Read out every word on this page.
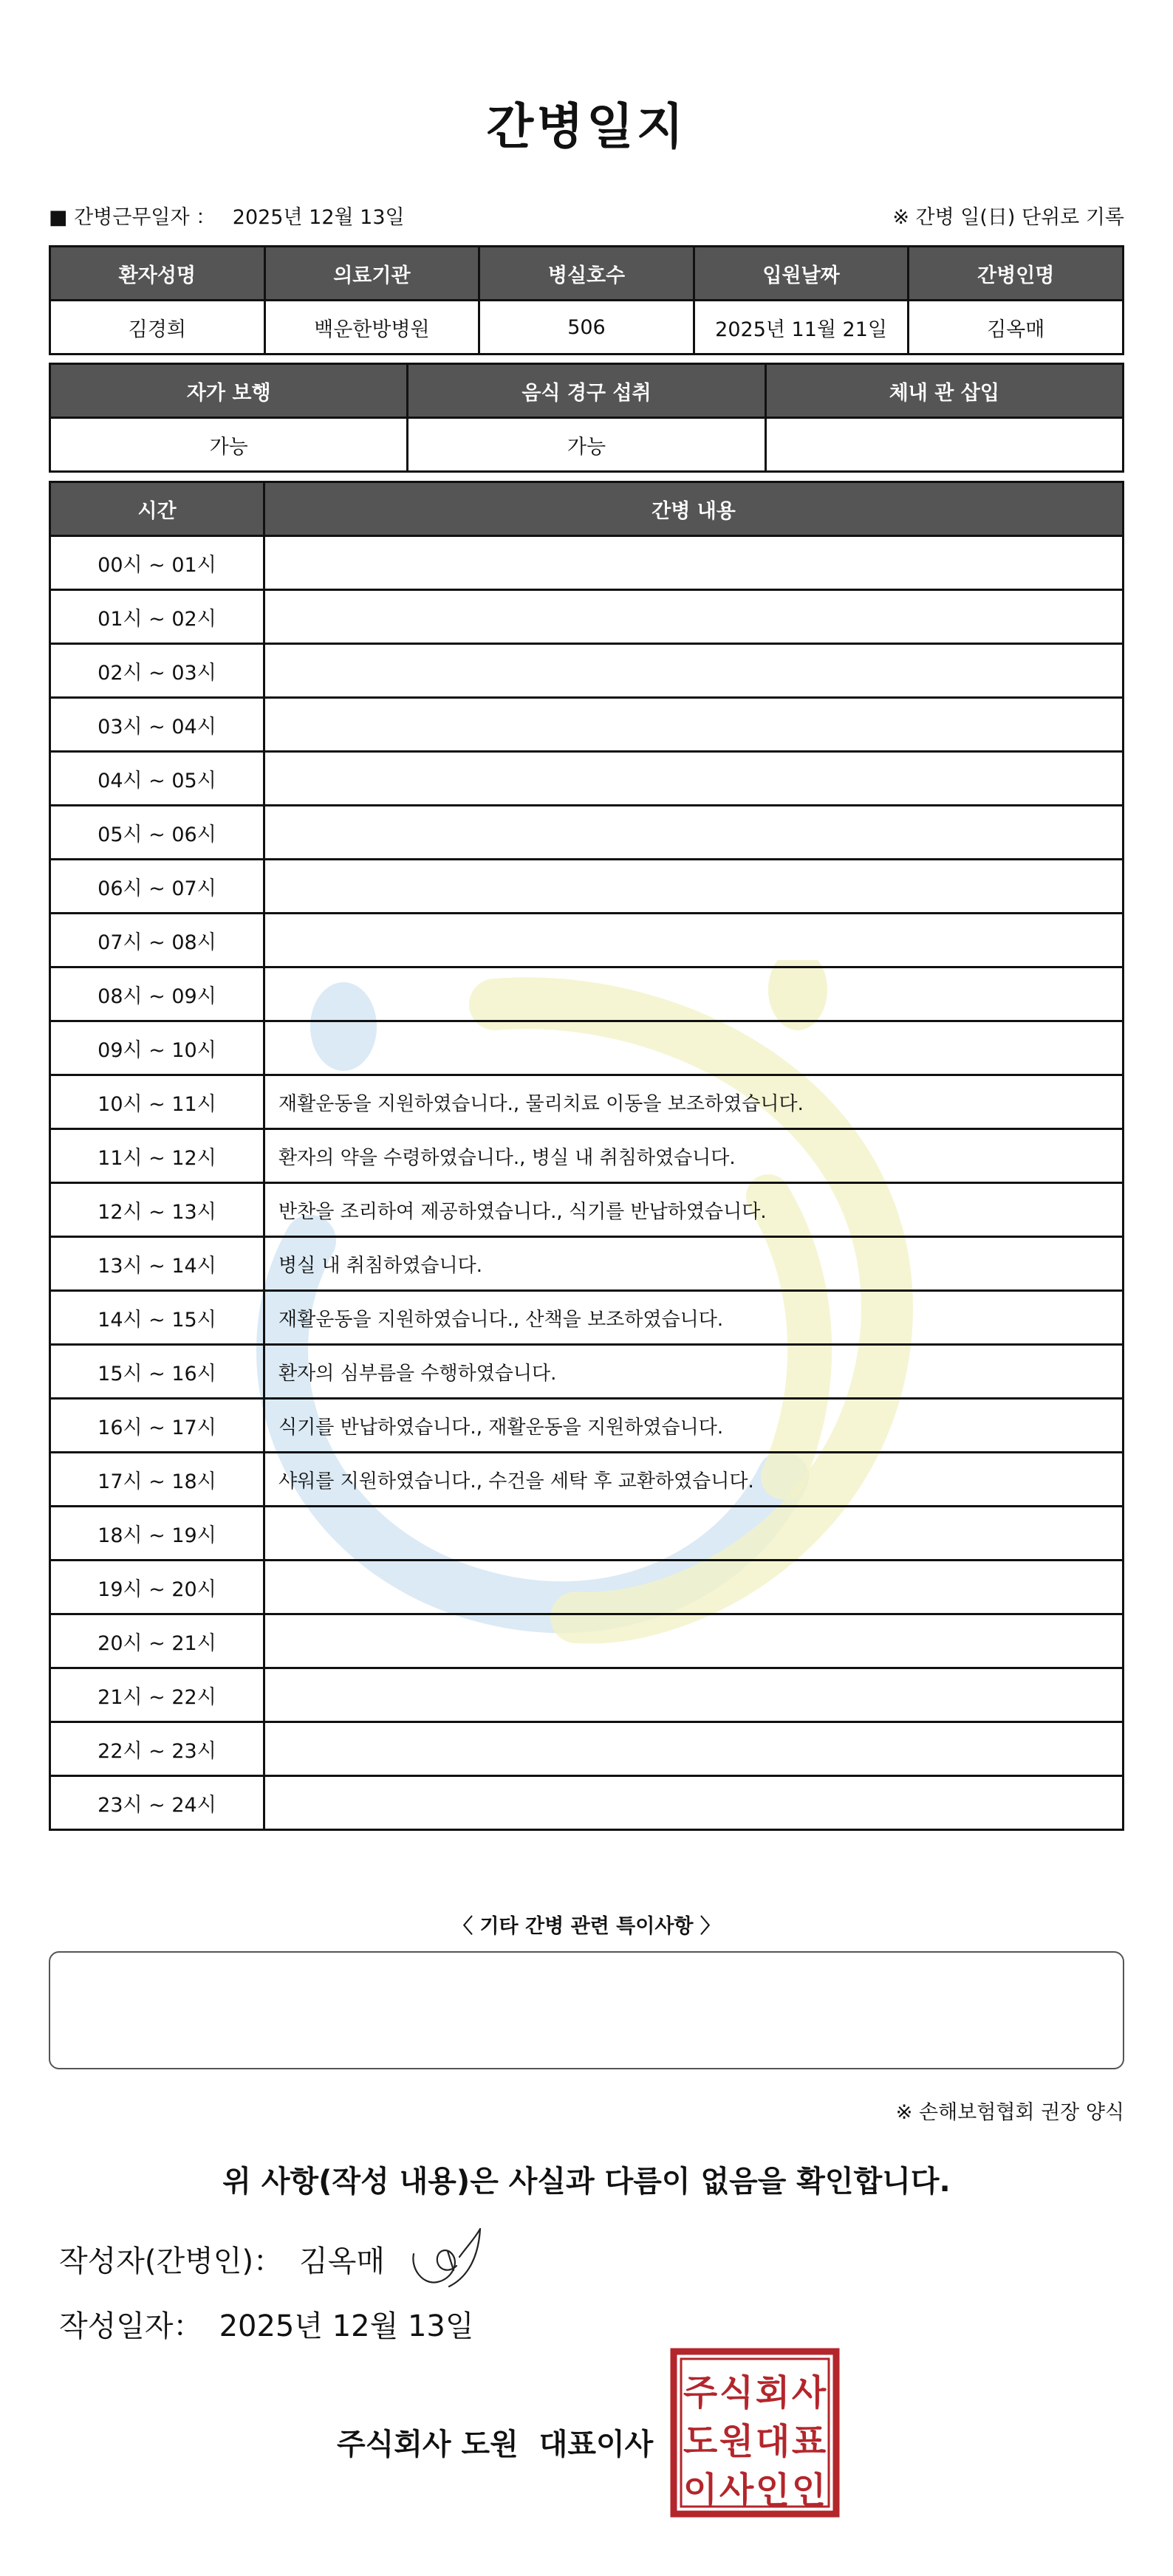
간병일지
■ 간병근무일자 ： 2025년 12월 13일	※ 간병 일(日) 단위로 기록
환자성명	의료기관	병실호수	입원날짜	간병인명
김경희	백운한방병원	506	2025년 11월 21일	김옥매
자가 보행	음식 경구 섭취	체내 관 삽입
가능	가능	
시간	간병 내용
00시 ~ 01시	
01시 ~ 02시	
02시 ~ 03시	
03시 ~ 04시	
04시 ~ 05시	
05시 ~ 06시	
06시 ~ 07시	
07시 ~ 08시	
08시 ~ 09시	
09시 ~ 10시	
10시 ~ 11시	재활운동을 지원하였습니다., 물리치료 이동을 보조하였습니다.
11시 ~ 12시	환자의 약을 수령하였습니다., 병실 내 취침하였습니다.
12시 ~ 13시	반찬을 조리하여 제공하였습니다., 식기를 반납하였습니다.
13시 ~ 14시	병실 내 취침하였습니다.
14시 ~ 15시	재활운동을 지원하였습니다., 산책을 보조하였습니다.
15시 ~ 16시	환자의 심부름을 수행하였습니다.
16시 ~ 17시	식기를 반납하였습니다., 재활운동을 지원하였습니다.
17시 ~ 18시	샤워를 지원하였습니다., 수건을 세탁 후 교환하였습니다.
18시 ~ 19시	
19시 ~ 20시	
20시 ~ 21시	
21시 ~ 22시	
22시 ~ 23시	
23시 ~ 24시	
〈 기타 간병 관련 특이사항 〉
※ 손해보험협회 권장 양식
위 사항(작성 내용)은 사실과 다름이 없음을 확인합니다.
작성자(간병인)： 김옥매
작성일자： 2025년 12월 13일
주식회사 도원 대표이사
주 식 회 사
도 원 대 표
이 사 인 인
